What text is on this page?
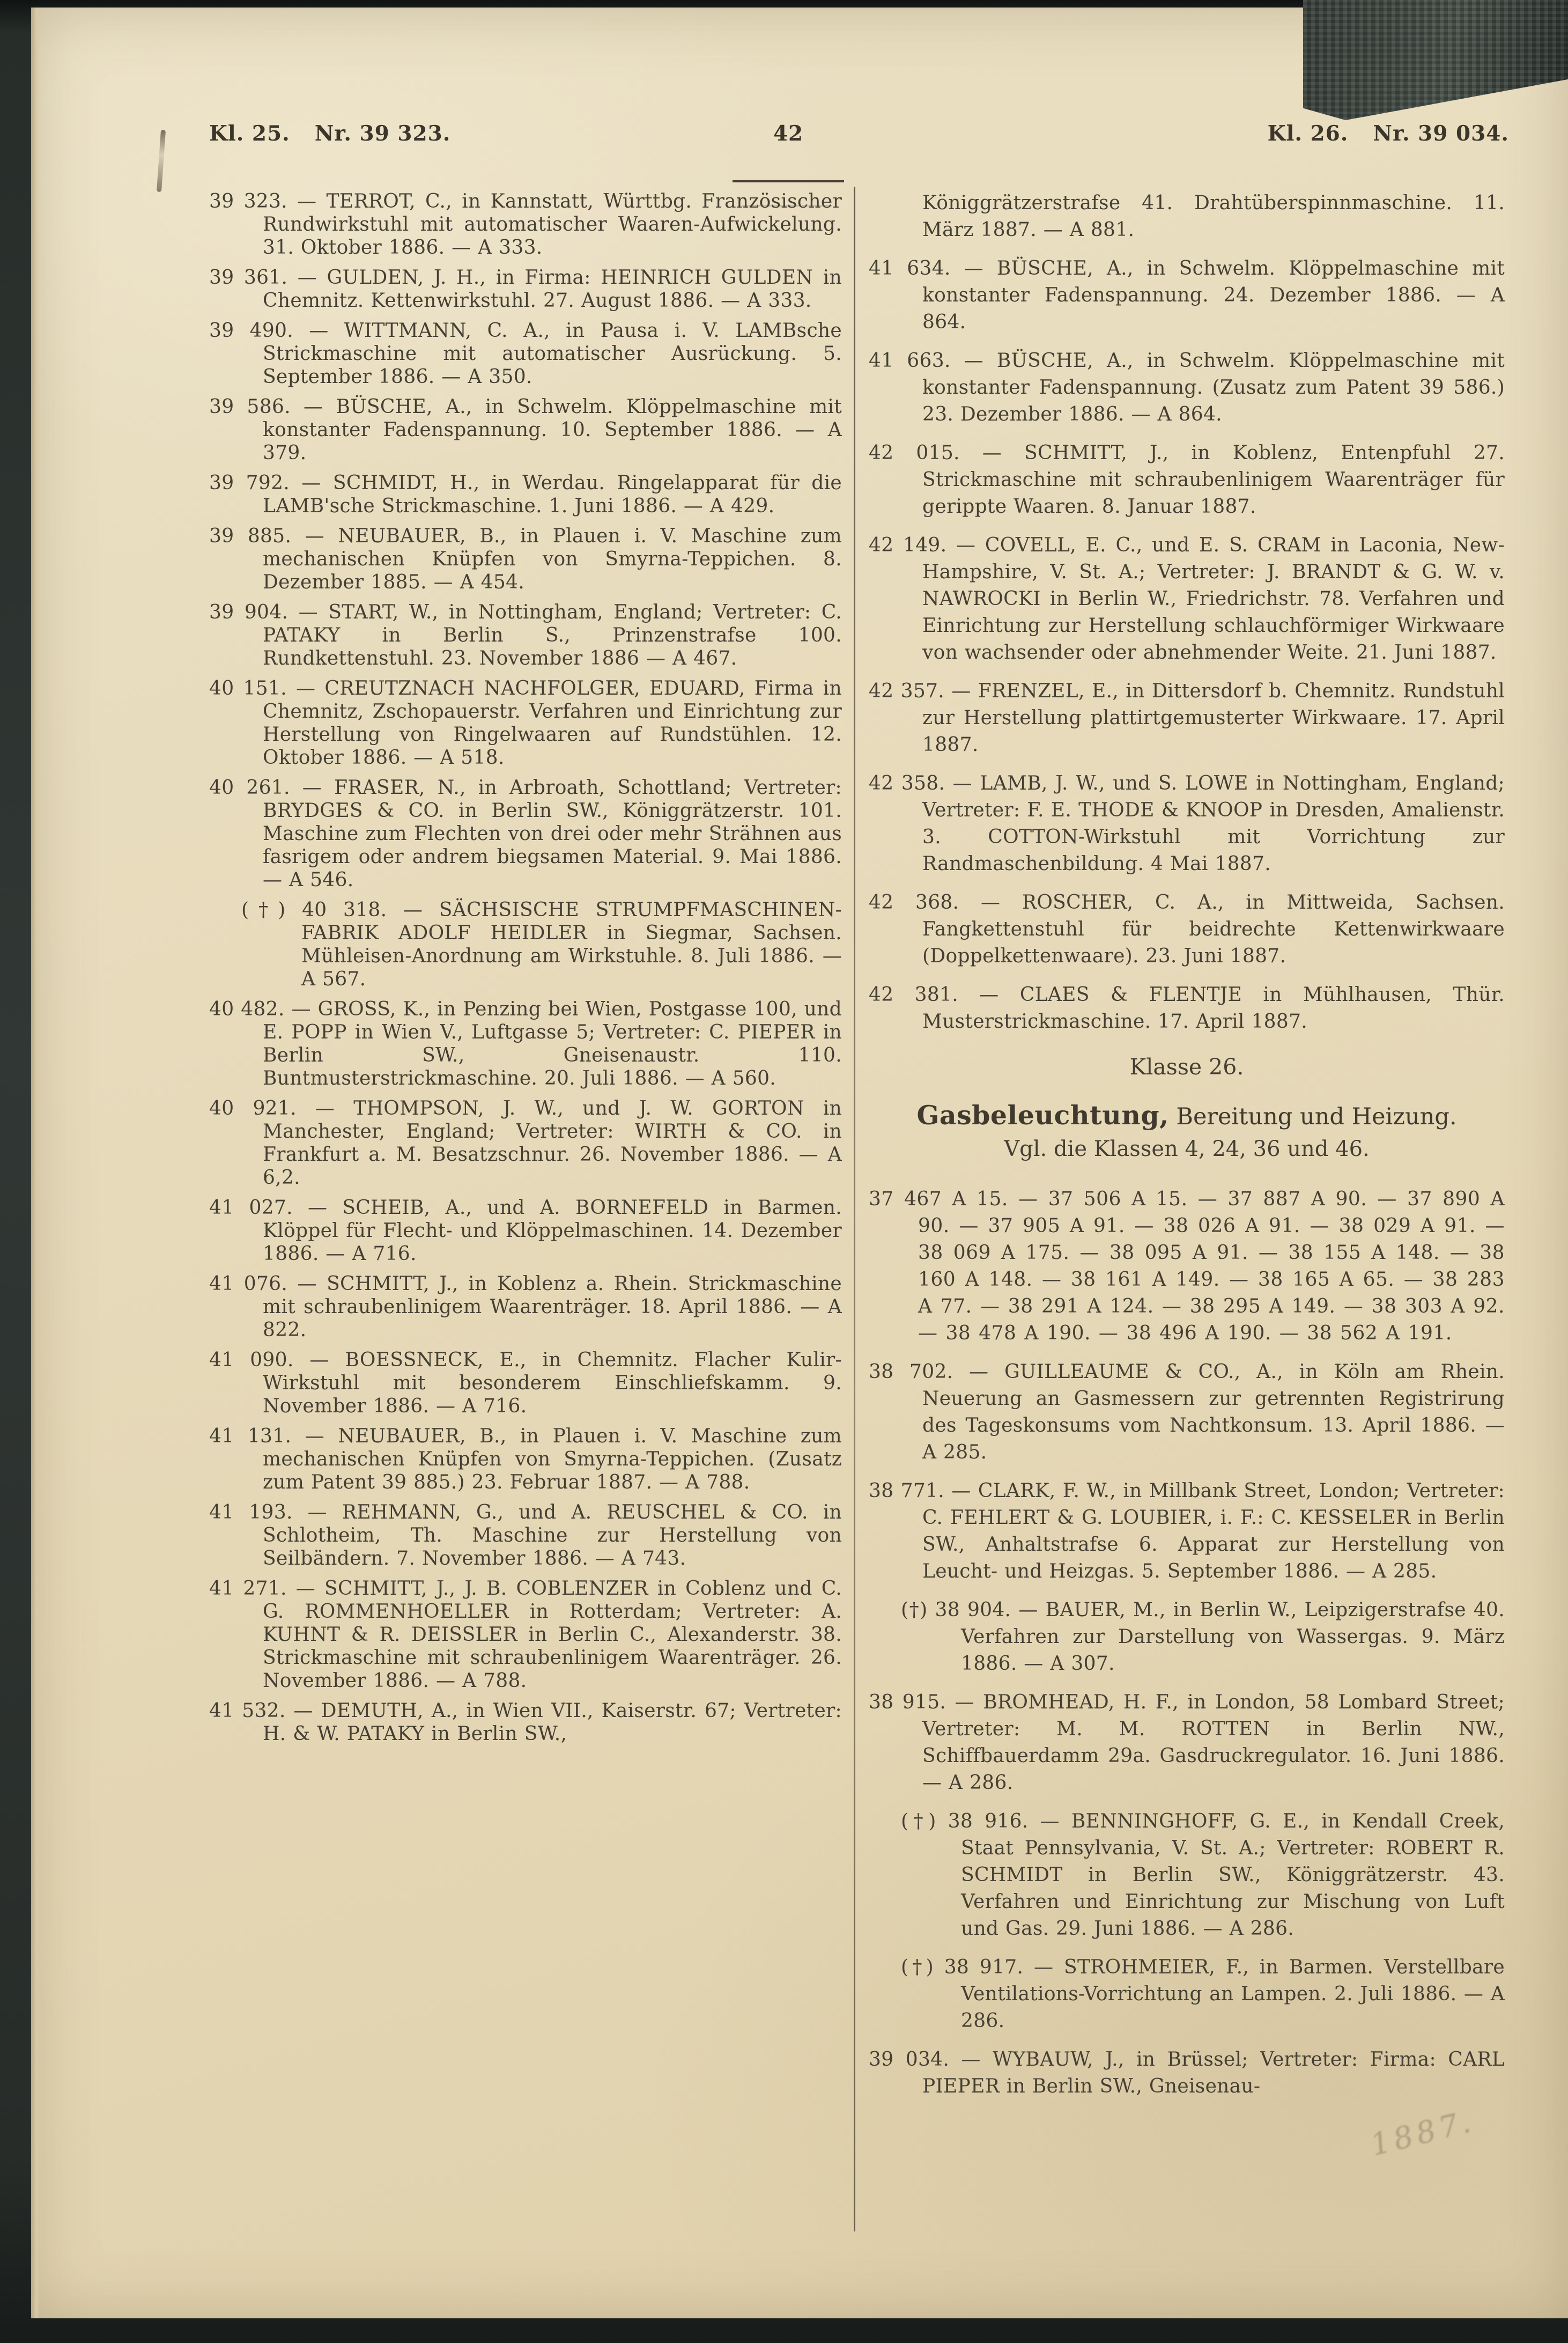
Kl. 25. Nr. 39 323.	42	Kl. 26. Nr. 39 034.

39 323. — TERROT, C., in Kannstatt, Württbg. Französischer Rundwirkstuhl mit automatischer Waaren-Aufwickelung. 31. Oktober 1886. — A 333.

39 361. — GULDEN, J. H., in Firma: HEINRICH GULDEN in Chemnitz. Kettenwirkstuhl. 27. August 1886. — A 333.

39 490. — WITTMANN, C. A., in Pausa i. V. LAMBsche Strickmaschine mit automatischer Ausrückung. 5. September 1886. — A 350.

39 586. — BÜSCHE, A., in Schwelm. Klöppelmaschine mit konstanter Fadenspannung. 10. September 1886. — A 379.

39 792. — SCHMIDT, H., in Werdau. Ringelapparat für die LAMB'sche Strickmaschine. 1. Juni 1886. — A 429.

39 885. — NEUBAUER, B., in Plauen i. V. Maschine zum mechanischen Knüpfen von Smyrna-Teppichen. 8. Dezember 1885. — A 454.

39 904. — START, W., in Nottingham, England; Vertreter: C. PATAKY in Berlin S., Prinzenstrafse 100. Rundkettenstuhl. 23. November 1886 — A 467.

40 151. — CREUTZNACH NACHFOLGER, EDUARD, Firma in Chemnitz, Zschopauerstr. Verfahren und Einrichtung zur Herstellung von Ringelwaaren auf Rundstühlen. 12. Oktober 1886. — A 518.

40 261. — FRASER, N., in Arbroath, Schottland; Vertreter: BRYDGES & CO. in Berlin SW., Königgrätzerstr. 101. Maschine zum Flechten von drei oder mehr Strähnen aus fasrigem oder andrem biegsamen Material. 9. Mai 1886. — A 546.

(†) 40 318. — SÄCHSISCHE STRUMPFMASCHINEN-FABRIK ADOLF HEIDLER in Siegmar, Sachsen. Mühleisen-Anordnung am Wirkstuhle. 8. Juli 1886. — A 567.

40 482. — GROSS, K., in Penzing bei Wien, Postgasse 100, und E. POPP in Wien V., Luftgasse 5; Vertreter: C. PIEPER in Berlin SW., Gneisenaustr. 110. Buntmusterstrickmaschine. 20. Juli 1886. — A 560.

40 921. — THOMPSON, J. W., und J. W. GORTON in Manchester, England; Vertreter: WIRTH & CO. in Frankfurt a. M. Besatzschnur. 26. November 1886. — A 6,2.

41 027. — SCHEIB, A., und A. BORNEFELD in Barmen. Klöppel für Flecht- und Klöppelmaschinen. 14. Dezember 1886. — A 716.

41 076. — SCHMITT, J., in Koblenz a. Rhein. Strickmaschine mit schraubenlinigem Waarenträger. 18. April 1886. — A 822.

41 090. — BOESSNECK, E., in Chemnitz. Flacher Kulir-Wirkstuhl mit besonderem Einschliefskamm. 9. November 1886. — A 716.

41 131. — NEUBAUER, B., in Plauen i. V. Maschine zum mechanischen Knüpfen von Smyrna-Teppichen. (Zusatz zum Patent 39 885.) 23. Februar 1887. — A 788.

41 193. — REHMANN, G., und A. REUSCHEL & CO. in Schlotheim, Th. Maschine zur Herstellung von Seilbändern. 7. November 1886. — A 743.

41 271. — SCHMITT, J., J. B. COBLENZER in Coblenz und C. G. ROMMENHOELLER in Rotterdam; Vertreter: A. KUHNT & R. DEISSLER in Berlin C., Alexanderstr. 38. Strickmaschine mit schraubenlinigem Waarenträger. 26. November 1886. — A 788.

41 532. — DEMUTH, A., in Wien VII., Kaiserstr. 67; Vertreter: H. & W. PATAKY in Berlin SW.,

Königgrätzerstrafse 41. Drahtüberspinnmaschine. 11. März 1887. — A 881.

41 634. — BÜSCHE, A., in Schwelm. Klöppelmaschine mit konstanter Fadenspannung. 24. Dezember 1886. — A 864.

41 663. — BÜSCHE, A., in Schwelm. Klöppelmaschine mit konstanter Fadenspannung. (Zusatz zum Patent 39 586.) 23. Dezember 1886. — A 864.

42 015. — SCHMITT, J., in Koblenz, Entenpfuhl 27. Strickmaschine mit schraubenlinigem Waarenträger für gerippte Waaren. 8. Januar 1887.

42 149. — COVELL, E. C., und E. S. CRAM in Laconia, New-Hampshire, V. St. A.; Vertreter: J. BRANDT & G. W. v. NAWROCKI in Berlin W., Friedrichstr. 78. Verfahren und Einrichtung zur Herstellung schlauchförmiger Wirkwaare von wachsender oder abnehmender Weite. 21. Juni 1887.

42 357. — FRENZEL, E., in Dittersdorf b. Chemnitz. Rundstuhl zur Herstellung plattirtgemusterter Wirkwaare. 17. April 1887.

42 358. — LAMB, J. W., und S. LOWE in Nottingham, England; Vertreter: F. E. THODE & KNOOP in Dresden, Amalienstr. 3. COTTON-Wirkstuhl mit Vorrichtung zur Randmaschenbildung. 4 Mai 1887.

42 368. — ROSCHER, C. A., in Mittweida, Sachsen. Fangkettenstuhl für beidrechte Kettenwirkwaare (Doppelkettenwaare). 23. Juni 1887.

42 381. — CLAES & FLENTJE in Mühlhausen, Thür. Musterstrickmaschine. 17. April 1887.

Klasse 26.

Gasbeleuchtung, Bereitung und Heizung.

Vgl. die Klassen 4, 24, 36 und 46.

37 467 A 15. — 37 506 A 15. — 37 887 A 90. — 37 890 A 90. — 37 905 A 91. — 38 026 A 91. — 38 029 A 91. — 38 069 A 175. — 38 095 A 91. — 38 155 A 148. — 38 160 A 148. — 38 161 A 149. — 38 165 A 65. — 38 283 A 77. — 38 291 A 124. — 38 295 A 149. — 38 303 A 92. — 38 478 A 190. — 38 496 A 190. — 38 562 A 191.

38 702. — GUILLEAUME & CO., A., in Köln am Rhein. Neuerung an Gasmessern zur getrennten Registrirung des Tageskonsums vom Nachtkonsum. 13. April 1886. — A 285.

38 771. — CLARK, F. W., in Millbank Street, London; Vertreter: C. FEHLERT & G. LOUBIER, i. F.: C. KESSELER in Berlin SW., Anhaltstrafse 6. Apparat zur Herstellung von Leucht- und Heizgas. 5. September 1886. — A 285.

(†) 38 904. — BAUER, M., in Berlin W., Leipzigerstrafse 40. Verfahren zur Darstellung von Wassergas. 9. März 1886. — A 307.

38 915. — BROMHEAD, H. F., in London, 58 Lombard Street; Vertreter: M. M. ROTTEN in Berlin NW., Schiffbauerdamm 29a. Gasdruckregulator. 16. Juni 1886. — A 286.

(†) 38 916. — BENNINGHOFF, G. E., in Kendall Creek, Staat Pennsylvania, V. St. A.; Vertreter: ROBERT R. SCHMIDT in Berlin SW., Königgrätzerstr. 43. Verfahren und Einrichtung zur Mischung von Luft und Gas. 29. Juni 1886. — A 286.

(†) 38 917. — STROHMEIER, F., in Barmen. Verstellbare Ventilations-Vorrichtung an Lampen. 2. Juli 1886. — A 286.

39 034. — WYBAUW, J., in Brüssel; Vertreter: Firma: CARL PIEPER in Berlin SW., Gneisenau-

1887.
